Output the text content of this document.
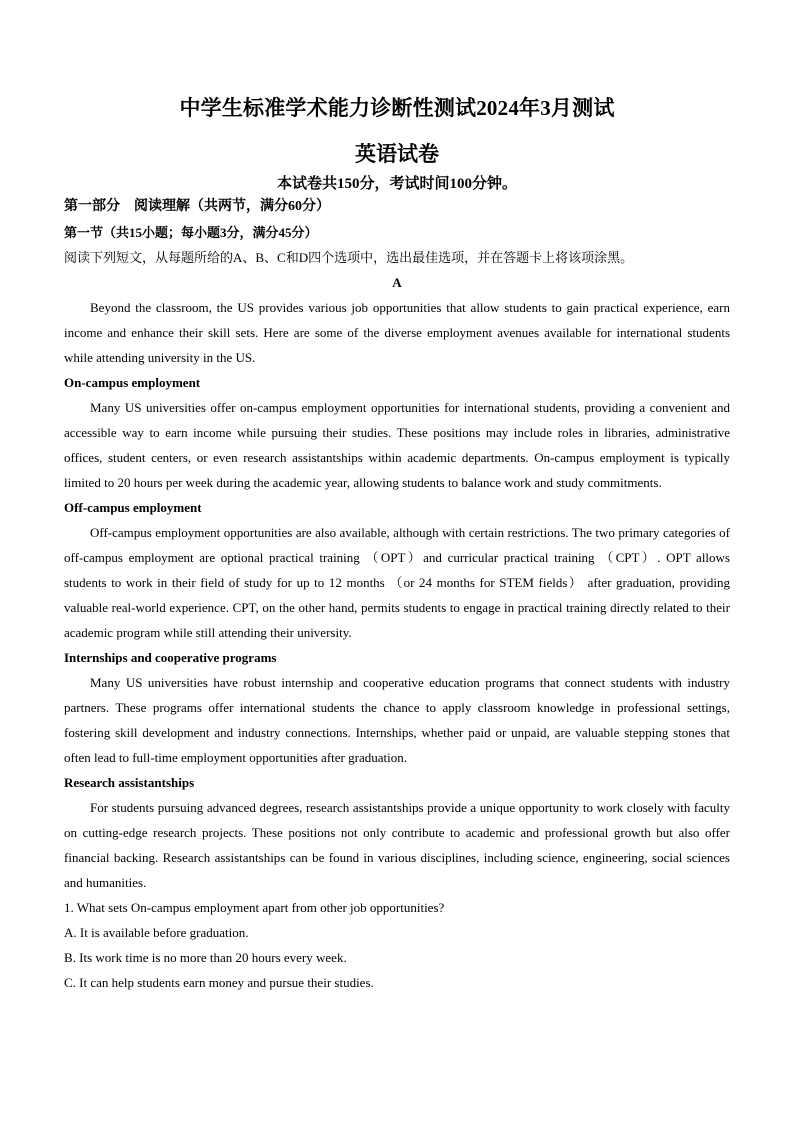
中学生标准学术能力诊断性测试2024年3月测试
英语试卷
本试卷共150分，考试时间100分钟。
第一部分　阅读理解（共两节，满分60分）
第一节（共15小题；每小题3分，满分45分）
阅读下列短文，从每题所给的A、B、C和D四个选项中，选出最佳选项，并在答题卡上将该项涂黑。
A

Beyond the classroom, the US provides various job opportunities that allow students to gain practical experience, earn income and enhance their skill sets. Here are some of the diverse employment avenues available for international students while attending university in the US.

On-campus employment

Many US universities offer on-campus employment opportunities for international students, providing a convenient and accessible way to earn income while pursuing their studies. These positions may include roles in libraries, administrative offices, student centers, or even research assistantships within academic departments. On-campus employment is typically limited to 20 hours per week during the academic year, allowing students to balance work and study commitments.

Off-campus employment

Off-campus employment opportunities are also available, although with certain restrictions. The two primary categories of off-campus employment are optional practical training （OPT）and curricular practical training （CPT）. OPT allows students to work in their field of study for up to 12 months （or 24 months for STEM fields） after graduation, providing valuable real-world experience. CPT, on the other hand, permits students to engage in practical training directly related to their academic program while still attending their university.

Internships and cooperative programs

Many US universities have robust internship and cooperative education programs that connect students with industry partners. These programs offer international students the chance to apply classroom knowledge in professional settings, fostering skill development and industry connections. Internships, whether paid or unpaid, are valuable stepping stones that often lead to full-time employment opportunities after graduation.

Research assistantships

For students pursuing advanced degrees, research assistantships provide a unique opportunity to work closely with faculty on cutting-edge research projects. These positions not only contribute to academic and professional growth but also offer financial backing. Research assistantships can be found in various disciplines, including science, engineering, social sciences and humanities.

1. What sets On-campus employment apart from other job opportunities?
A. It is available before graduation.
B. Its work time is no more than 20 hours every week.
C. It can help students earn money and pursue their studies.
